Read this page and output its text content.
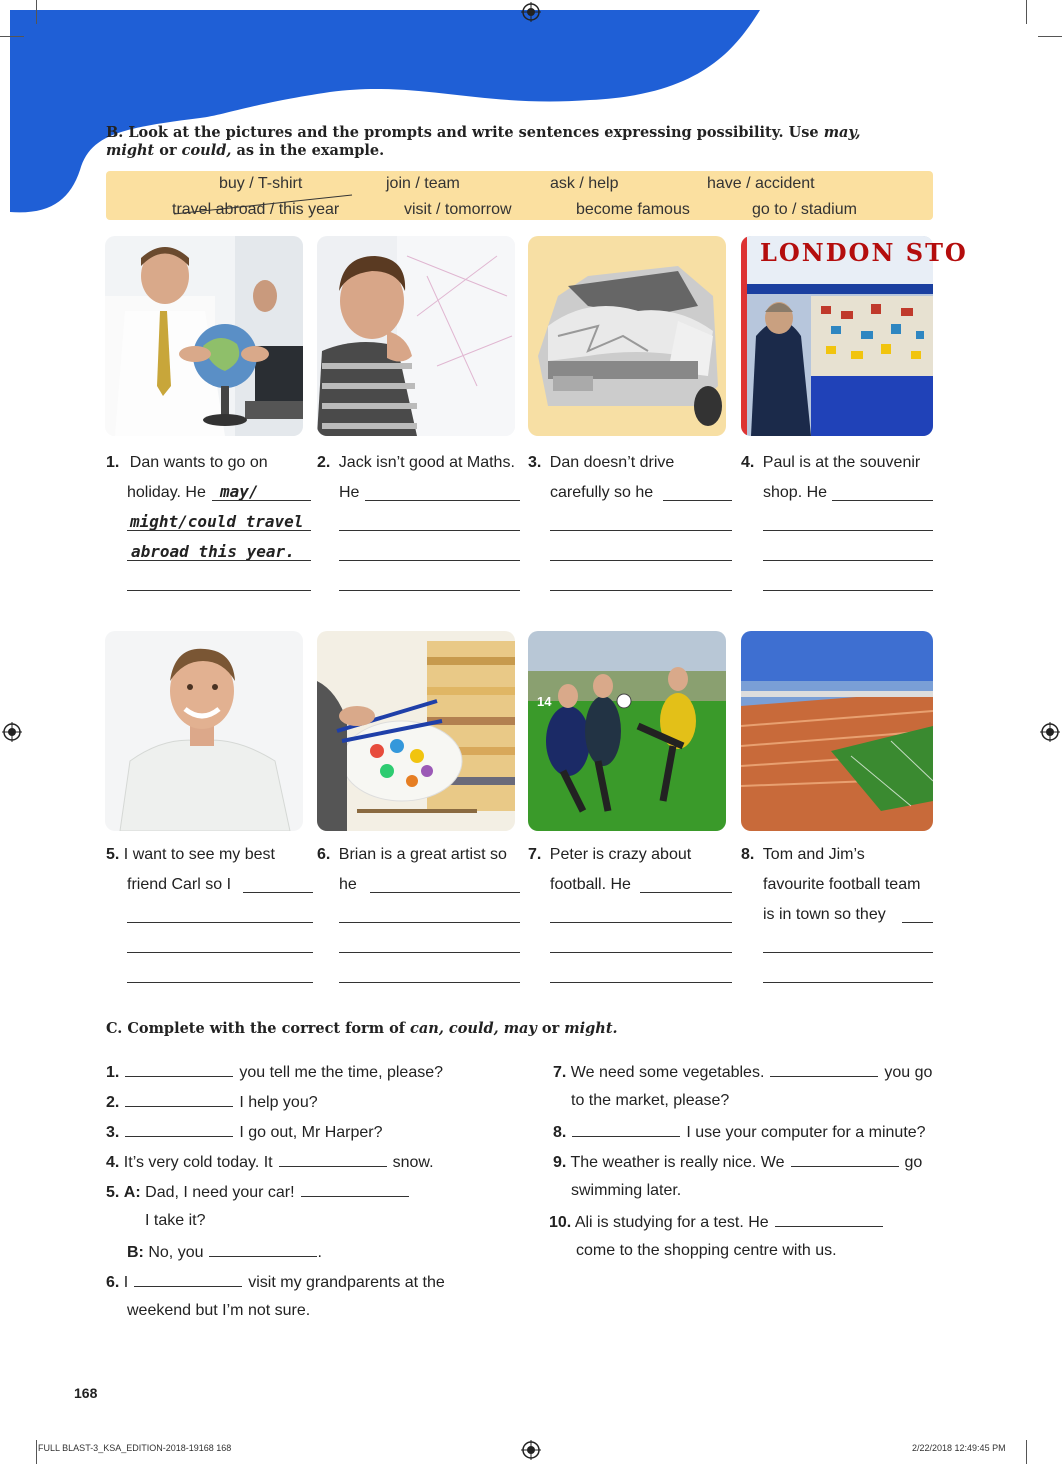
B. Look at the pictures and the prompts and write sentences expressing possibility. Use may, might or could, as in the example.
buy / T-shirt	join / team	ask / help	have / accident
travel abroad / this year	visit / tomorrow	become famous	go to / stadium
LONDON STO
1. Dan wants to go on
holiday. He may/
might/could travel
abroad this year.
2. Jack isn’t good at Maths.
He
3. Dan doesn’t drive
carefully so he
4. Paul is at the souvenir
shop. He
14
5. I want to see my best
friend Carl so I
6. Brian is a great artist so
he
7. Peter is crazy about
football. He
8. Tom and Jim’s
favourite football team
is in town so they
C. Complete with the correct form of can, could, may or might.
1.	you tell me the time, please?
2.	I help you?
3.	I go out, Mr Harper?
4. It’s very cold today. It	snow.
5. A: Dad, I need your car!
I take it?
B: No, you	.
6. I	visit my grandparents at the
weekend but I’m not sure.
7. We need some vegetables.	you go
to the market, please?
8.	I use your computer for a minute?
9. The weather is really nice. We	go
swimming later.
10. Ali is studying for a test. He
come to the shopping centre with us.
168
FULL BLAST-3_KSA_EDITION-2018-19168 168	2/22/2018 12:49:45 PM
